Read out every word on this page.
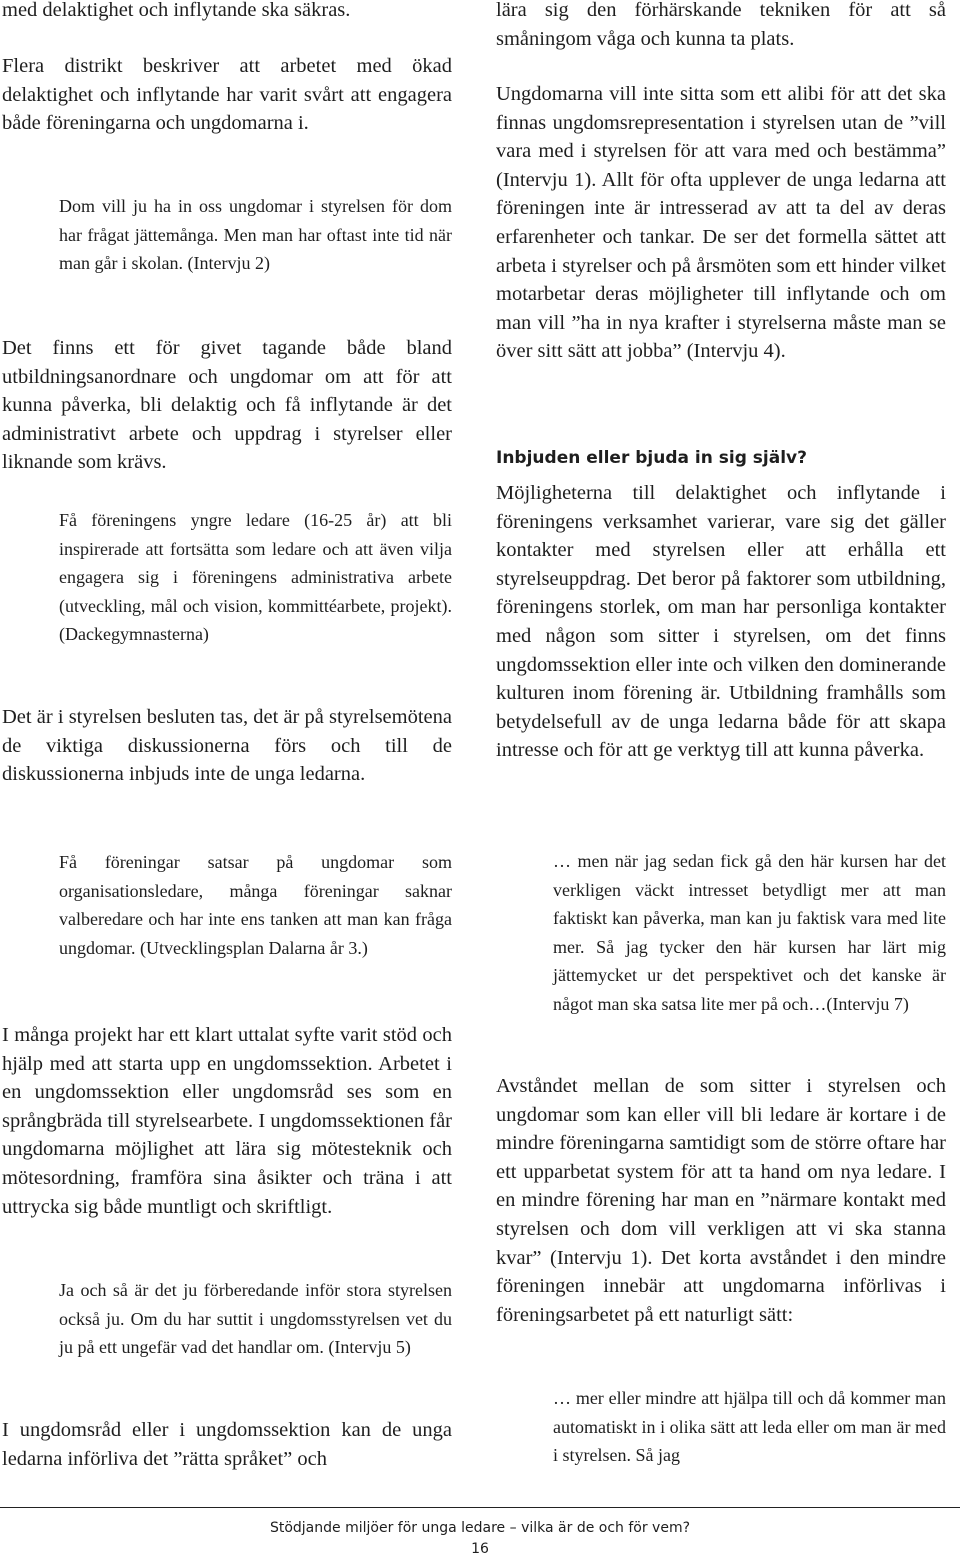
med delaktighet och inflytande ska säkras.

Flera distrikt beskriver att arbetet med ökad delaktighet och inflytande har varit svårt att engagera både föreningarna och ungdomarna i.

Dom vill ju ha in oss ungdomar i styrelsen för dom har frågat jättemånga. Men man har oftast inte tid när man går i skolan. (Intervju 2)

Det finns ett för givet tagande både bland utbildningsanordnare och ungdomar om att för att kunna påverka, bli delaktig och få inflytande är det administrativt arbete och uppdrag i styrelser eller liknande som krävs.

Få föreningens yngre ledare (16-25 år) att bli inspirerade att fortsätta som ledare och att även vilja engagera sig i föreningens administrativa arbete (utveckling, mål och vision, kommittéarbete, projekt). (Dackegymnasterna)

Det är i styrelsen besluten tas, det är på styrelsemötena de viktiga diskussionerna förs och till de diskussionerna inbjuds inte de unga ledarna.

Få föreningar satsar på ungdomar som organisationsledare, många föreningar saknar valberedare och har inte ens tanken att man kan fråga ungdomar. (Utvecklingsplan Dalarna år 3.)

I många projekt har ett klart uttalat syfte varit stöd och hjälp med att starta upp en ungdomssektion. Arbetet i en ungdomssektion eller ungdomsråd ses som en språngbräda till styrelsearbete. I ungdomssektionen får ungdomarna möjlighet att lära sig mötesteknik och mötesordning, framföra sina åsikter och träna i att uttrycka sig både muntligt och skriftligt.

Ja och så är det ju förberedande inför stora styrelsen också ju. Om du har suttit i ungdomsstyrelsen vet du ju på ett ungefär vad det handlar om. (Intervju 5)

I ungdomsråd eller i ungdomssektion kan de unga ledarna införliva det ”rätta språket” och

lära sig den förhärskande tekniken för att så småningom våga och kunna ta plats.

Ungdomarna vill inte sitta som ett alibi för att det ska finnas ungdomsrepresentation i styrelsen utan de ”vill vara med i styrelsen för att vara med och bestämma” (Intervju 1). Allt för ofta upplever de unga ledarna att föreningen inte är intresserad av att ta del av deras erfarenheter och tankar. De ser det formella sättet att arbeta i styrelser och på årsmöten som ett hinder vilket motarbetar deras möjligheter till inflytande och om man vill ”ha in nya krafter i styrelserna måste man se över sitt sätt att jobba” (Intervju 4).

Inbjuden eller bjuda in sig själv?

Möjligheterna till delaktighet och inflytande i föreningens verksamhet varierar, vare sig det gäller kontakter med styrelsen eller att erhålla ett styrelseuppdrag. Det beror på faktorer som utbildning, föreningens storlek, om man har personliga kontakter med någon som sitter i styrelsen, om det finns ungdomssektion eller inte och vilken den dominerande kulturen inom förening är. Utbildning framhålls som betydelsefull av de unga ledarna både för att skapa intresse och för att ge verktyg till att kunna påverka.

… men när jag sedan fick gå den här kursen har det verkligen väckt intresset betydligt mer att man faktiskt kan påverka, man kan ju faktisk vara med lite mer. Så jag tycker den här kursen har lärt mig jättemycket ur det perspektivet och det kanske är något man ska satsa lite mer på och…(Intervju 7)

Avståndet mellan de som sitter i styrelsen och ungdomar som kan eller vill bli ledare är kortare i de mindre föreningarna samtidigt som de större oftare har ett upparbetat system för att ta hand om nya ledare. I en mindre förening har man en ”närmare kontakt med styrelsen och dom vill verkligen att vi ska stanna kvar” (Intervju 1). Det korta avståndet i den mindre föreningen innebär att ungdomarna införlivas i föreningsarbetet på ett naturligt sätt:

… mer eller mindre att hjälpa till och då kommer man automatiskt in i olika sätt att leda eller om man är med i styrelsen. Så jag

Stödjande miljöer för unga ledare – vilka är de och för vem?
16
